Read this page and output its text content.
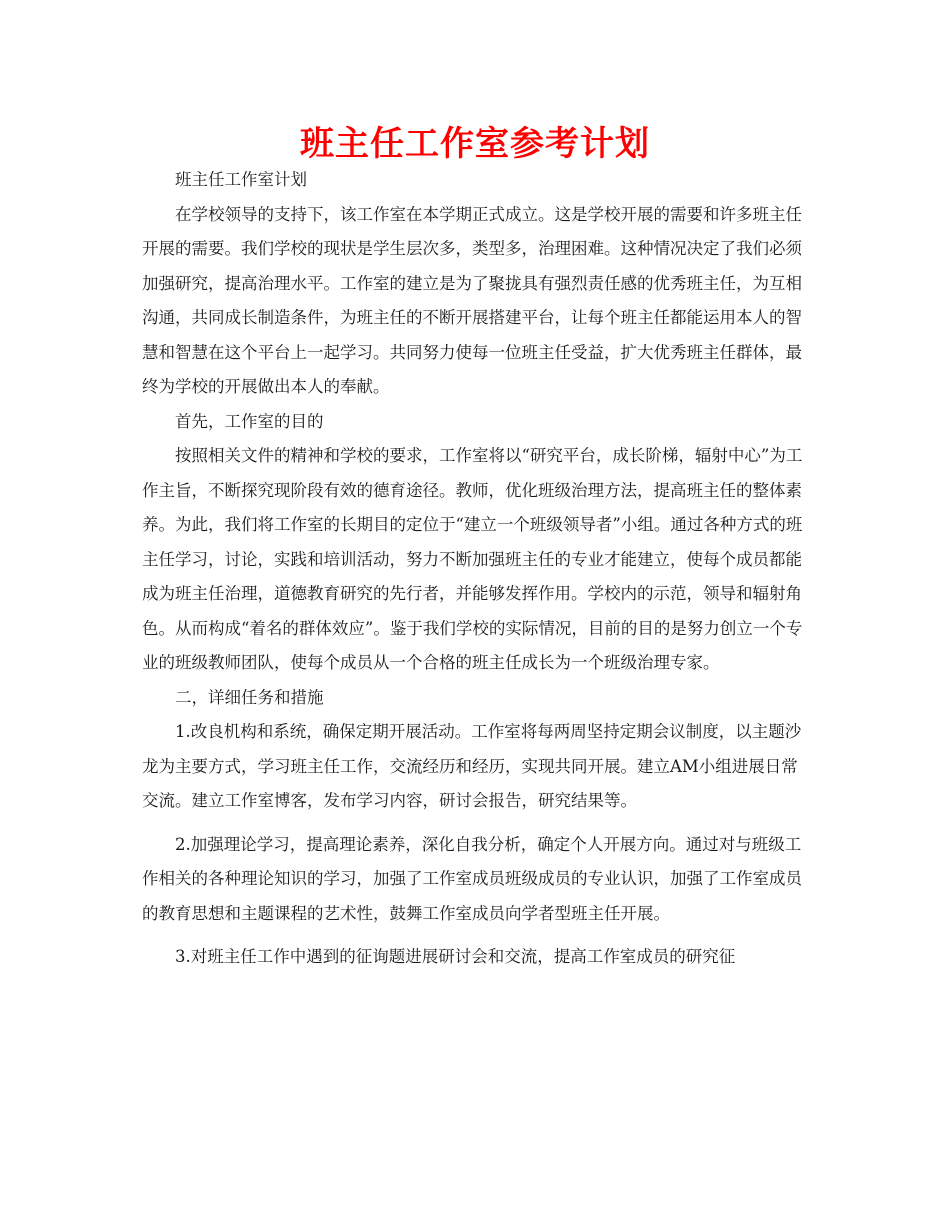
班主任工作室参考计划

班主任工作室计划

在学校领导的支持下，该工作室在本学期正式成立。这是学校开展的需要和许多班主任开展的需要。我们学校的现状是学生层次多，类型多，治理困难。这种情况决定了我们必须加强研究，提高治理水平。工作室的建立是为了聚拢具有强烈责任感的优秀班主任，为互相沟通，共同成长制造条件，为班主任的不断开展搭建平台，让每个班主任都能运用本人的智慧和智慧在这个平台上一起学习。共同努力使每一位班主任受益，扩大优秀班主任群体，最终为学校的开展做出本人的奉献。

首先，工作室的目的

按照相关文件的精神和学校的要求，工作室将以“研究平台，成长阶梯，辐射中心”为工作主旨，不断探究现阶段有效的德育途径。教师，优化班级治理方法，提高班主任的整体素养。为此，我们将工作室的长期目的定位于“建立一个班级领导者”小组。通过各种方式的班主任学习，讨论，实践和培训活动，努力不断加强班主任的专业才能建立，使每个成员都能成为班主任治理，道德教育研究的先行者，并能够发挥作用。学校内的示范，领导和辐射角色。从而构成“着名的群体效应”。鉴于我们学校的实际情况，目前的目的是努力创立一个专业的班级教师团队，使每个成员从一个合格的班主任成长为一个班级治理专家。

二，详细任务和措施

1.改良机构和系统，确保定期开展活动。工作室将每两周坚持定期会议制度，以主题沙龙为主要方式，学习班主任工作，交流经历和经历，实现共同开展。建立AM小组进展日常交流。建立工作室博客，发布学习内容，研讨会报告，研究结果等。

2.加强理论学习，提高理论素养，深化自我分析，确定个人开展方向。通过对与班级工作相关的各种理论知识的学习，加强了工作室成员班级成员的专业认识，加强了工作室成员的教育思想和主题课程的艺术性，鼓舞工作室成员向学者型班主任开展。

3.对班主任工作中遇到的征询题进展研讨会和交流，提高工作室成员的研究征
